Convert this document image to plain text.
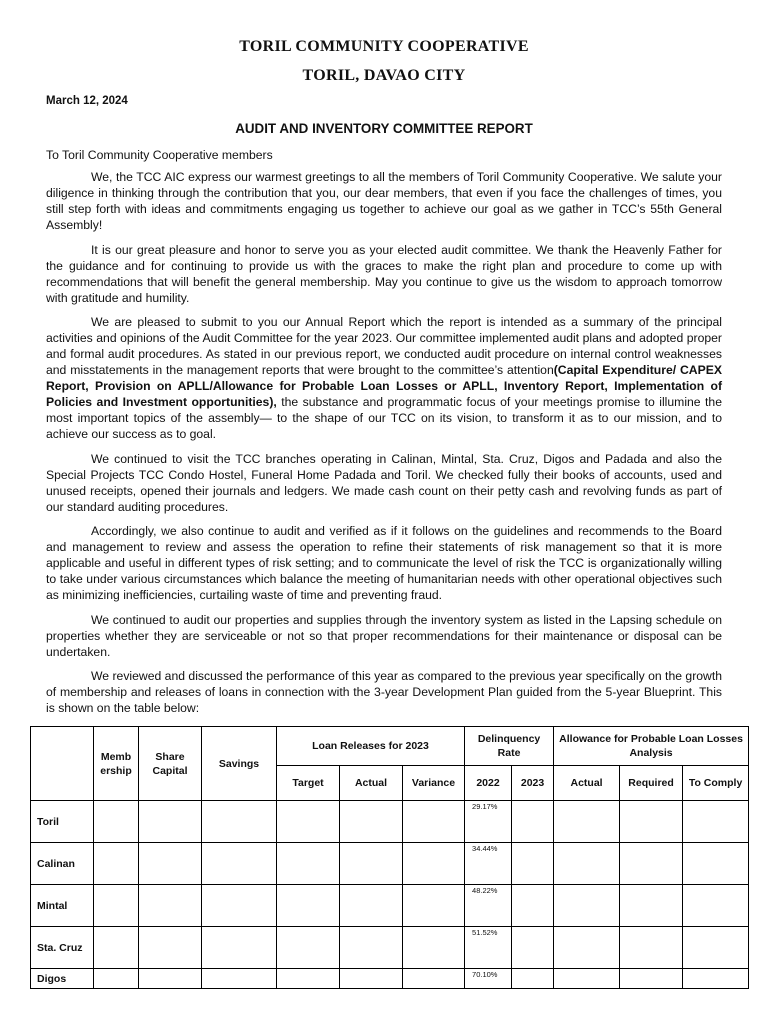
TORIL COMMUNITY COOPERATIVE
TORIL, DAVAO CITY
March 12, 2024
AUDIT AND INVENTORY COMMITTEE REPORT

To Toril Community Cooperative members

We, the TCC AIC express our warmest greetings to all the members of Toril Community Cooperative. We salute your diligence in thinking through the contribution that you, our dear members, that even if you face the challenges of times, you still step forth with ideas and commitments engaging us together to achieve our goal as we gather in TCC’s 55th General Assembly!

It is our great pleasure and honor to serve you as your elected audit committee. We thank the Heavenly Father for the guidance and for continuing to provide us with the graces to make the right plan and procedure to come up with recommendations that will benefit the general membership. May you continue to give us the wisdom to approach tomorrow with gratitude and humility.

We are pleased to submit to you our Annual Report which the report is intended as a summary of the principal activities and opinions of the Audit Committee for the year 2023. Our committee implemented audit plans and adopted proper and formal audit procedures. As stated in our previous report, we conducted audit procedure on internal control weaknesses and misstatements in the management reports that were brought to the committee’s attention(Capital Expenditure/ CAPEX Report, Provision on APLL/Allowance for Probable Loan Losses or APLL, Inventory Report, Implementation of Policies and Investment opportunities), the substance and programmatic focus of your meetings promise to illumine the most important topics of the assembly— to the shape of our TCC on its vision, to transform it as to our mission, and to achieve our success as to goal.

We continued to visit the TCC branches operating in Calinan, Mintal, Sta. Cruz, Digos and Padada and also the Special Projects TCC Condo Hostel, Funeral Home Padada and Toril. We checked fully their books of accounts, used and unused receipts, opened their journals and ledgers. We made cash count on their petty cash and revolving funds as part of our standard auditing procedures.

Accordingly, we also continue to audit and verified as if it follows on the guidelines and recommends to the Board and management to review and assess the operation to refine their statements of risk management so that it is more applicable and useful in different types of risk setting; and to communicate the level of risk the TCC is organizationally willing to take under various circumstances which balance the meeting of humanitarian needs with other operational objectives such as minimizing inefficiencies, curtailing waste of time and preventing fraud.

We continued to audit our properties and supplies through the inventory system as listed in the Lapsing schedule on properties whether they are serviceable or not so that proper recommendations for their maintenance or disposal can be undertaken.

We reviewed and discussed the performance of this year as compared to the previous year specifically on the growth of membership and releases of loans in connection with the 3-year Development Plan guided from the 5-year Blueprint. This is shown on the table below:

	Memb ership	Share Capital	Savings	Loan Releases for 2023			Delinquency Rate		Allowance for Probable Loan Losses Analysis		
				Target	Actual	Variance	2022	2023	Actual	Required	To Comply
Toril							29.17%				
Calinan							34.44%				
Mintal							48.22%				
Sta. Cruz							51.52%				
Digos							70.10%				
